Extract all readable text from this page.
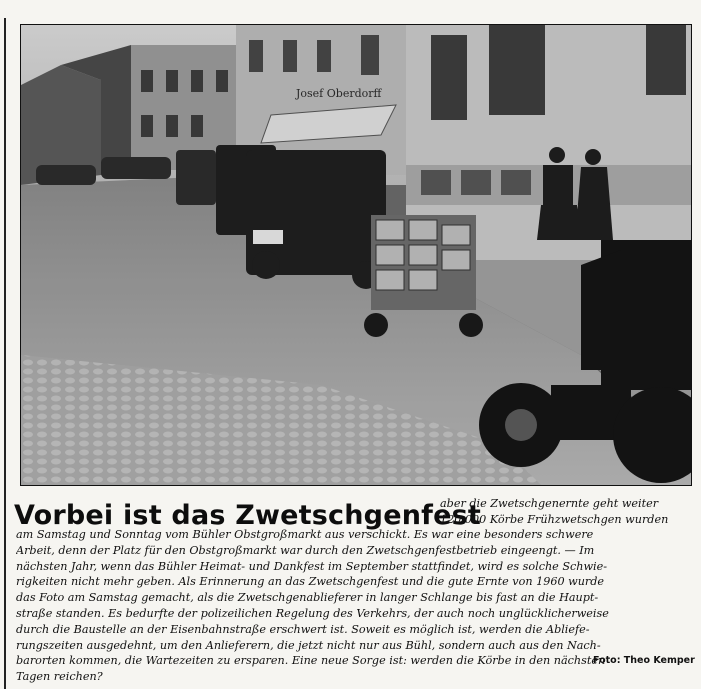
Josef Oberdorff
Vorbei ist das Zwetschgenfest
aber die Zwetschgenernte geht weiter
120 000 Körbe Frühzwetschgen wurden
am Samstag und Sonntag vom Bühler Obstgroßmarkt aus verschickt. Es war eine besonders schwere
Arbeit, denn der Platz für den Obstgroßmarkt war durch den Zwetschgenfestbetrieb eingeengt. — Im
nächsten Jahr, wenn das Bühler Heimat- und Dankfest im September stattfindet, wird es solche Schwie-
rigkeiten nicht mehr geben. Als Erinnerung an das Zwetschgenfest und die gute Ernte von 1960 wurde
das Foto am Samstag gemacht, als die Zwetschgenablieferer in langer Schlange bis fast an die Haupt-
straße standen. Es bedurfte der polizeilichen Regelung des Verkehrs, der auch noch unglücklicherweise
durch die Baustelle an der Eisenbahnstraße erschwert ist. Soweit es möglich ist, werden die Abliefe-
rungszeiten ausgedehnt, um den Anlieferern, die jetzt nicht nur aus Bühl, sondern auch aus den Nach-
barorten kommen, die Wartezeiten zu ersparen. Eine neue Sorge ist: werden die Körbe in den nächsten
Foto: Theo Kemper
Tagen reichen?
